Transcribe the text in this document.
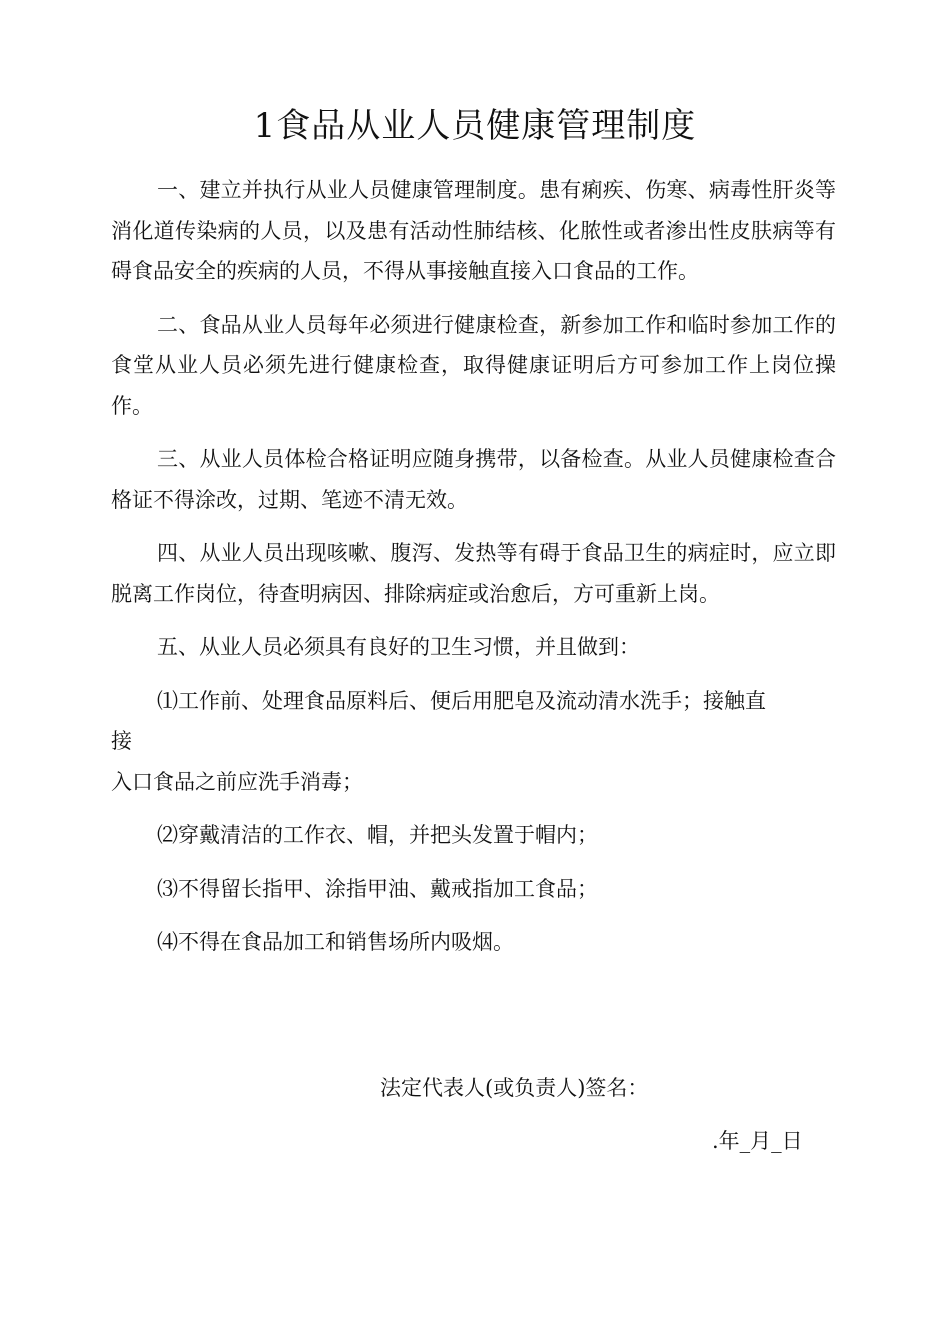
1食品从业人员健康管理制度

一、建立并执行从业人员健康管理制度。患有痢疾、伤寒、病毒性肝炎等消化道传染病的人员，以及患有活动性肺结核、化脓性或者渗出性皮肤病等有碍食品安全的疾病的人员，不得从事接触直接入口食品的工作。

二、食品从业人员每年必须进行健康检查，新参加工作和临时参加工作的食堂从业人员必须先进行健康检查，取得健康证明后方可参加工作上岗位操作。

三、从业人员体检合格证明应随身携带，以备检查。从业人员健康检查合格证不得涂改，过期、笔迹不清无效。

四、从业人员出现咳嗽、腹泻、发热等有碍于食品卫生的病症时，应立即脱离工作岗位，待查明病因、排除病症或治愈后，方可重新上岗。

五、从业人员必须具有良好的卫生习惯，并且做到：

⑴工作前、处理食品原料后、便后用肥皂及流动清水洗手；接触直
接
入口食品之前应洗手消毒；

⑵穿戴清洁的工作衣、帽，并把头发置于帽内；

⑶不得留长指甲、涂指甲油、戴戒指加工食品；

⑷不得在食品加工和销售场所内吸烟。

法定代表人(或负责人)签名：
.年_月_日
